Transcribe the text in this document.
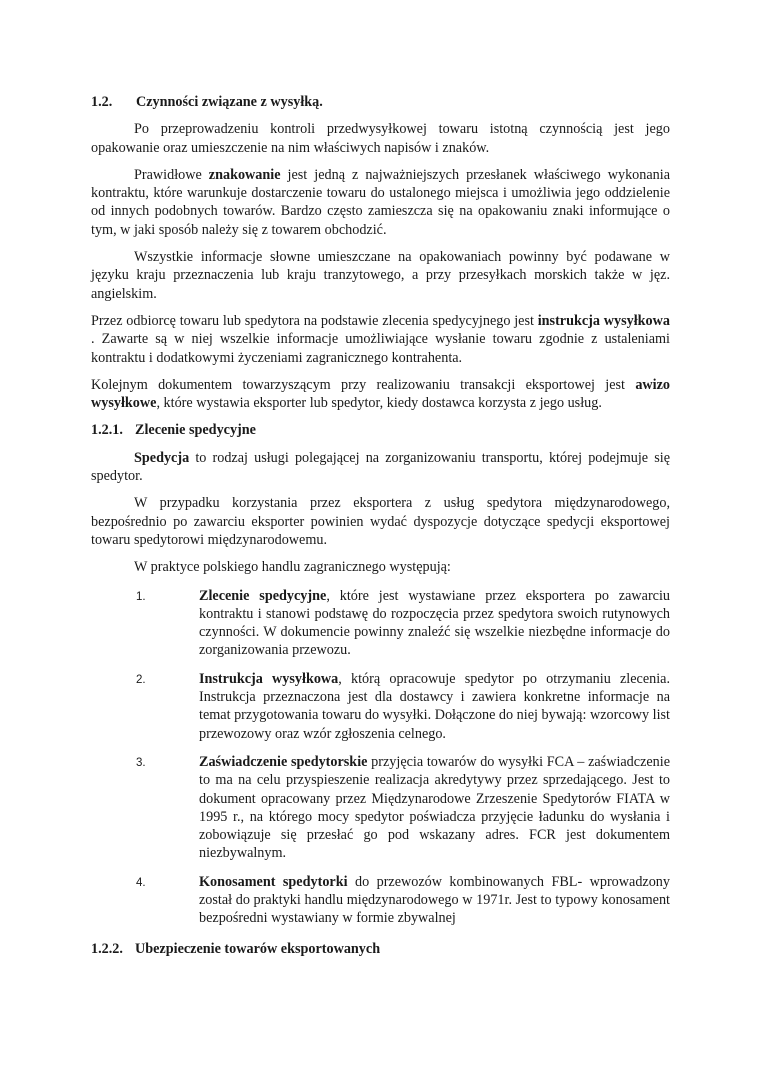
1.2. Czynności związane z wysyłką.

Po przeprowadzeniu kontroli przedwysyłkowej towaru istotną czynnością jest jego opakowanie oraz umieszczenie na nim właściwych napisów i znaków.

Prawidłowe znakowanie jest jedną z najważniejszych przesłanek właściwego wykonania kontraktu, które warunkuje dostarczenie towaru do ustalonego miejsca i umożliwia jego oddzielenie od innych podobnych towarów. Bardzo często zamieszcza się na opakowaniu znaki informujące o tym, w jaki sposób należy się z towarem obchodzić.

Wszystkie informacje słowne umieszczane na opakowaniach powinny być podawane w języku kraju przeznaczenia lub kraju tranzytowego, a przy przesyłkach morskich także w jęz. angielskim.

Przez odbiorcę towaru lub spedytora na podstawie zlecenia spedycyjnego jest instrukcja wysyłkowa . Zawarte są w niej wszelkie informacje umożliwiające wysłanie towaru zgodnie z ustaleniami kontraktu i dodatkowymi życzeniami zagranicznego kontrahenta.

Kolejnym dokumentem towarzyszącym przy realizowaniu transakcji eksportowej jest awizo wysyłkowe, które wystawia eksporter lub spedytor, kiedy dostawca korzysta z jego usług.

1.2.1. Zlecenie spedycyjne

Spedycja to rodzaj usługi polegającej na zorganizowaniu transportu, której podejmuje się spedytor.

W przypadku korzystania przez eksportera z usług spedytora międzynarodowego, bezpośrednio po zawarciu eksporter powinien wydać dyspozycje dotyczące spedycji eksportowej towaru spedytorowi międzynarodowemu.

W praktyce polskiego handlu zagranicznego występują:

1.	Zlecenie spedycyjne, które jest wystawiane przez eksportera po zawarciu kontraktu i stanowi podstawę do rozpoczęcia przez spedytora swoich rutynowych czynności. W dokumencie powinny znaleźć się wszelkie niezbędne informacje do zorganizowania przewozu.

2.	Instrukcja wysyłkowa, którą opracowuje spedytor po otrzymaniu zlecenia. Instrukcja przeznaczona jest dla dostawcy i zawiera konkretne informacje na temat przygotowania towaru do wysyłki. Dołączone do niej bywają: wzorcowy list przewozowy oraz wzór zgłoszenia celnego.

3.	Zaświadczenie spedytorskie przyjęcia towarów do wysyłki FCA – zaświadczenie to ma na celu przyspieszenie realizacja akredytywy przez sprzedającego. Jest to dokument opracowany przez Międzynarodowe Zrzeszenie Spedytorów FIATA w 1995 r., na którego mocy spedytor poświadcza przyjęcie ładunku do wysłania i zobowiązuje się przesłać go pod wskazany adres. FCR jest dokumentem niezbywalnym.

4.	Konosament spedytorki do przewozów kombinowanych FBL- wprowadzony został do praktyki handlu międzynarodowego w 1971r. Jest to typowy konosament bezpośredni wystawiany w formie zbywalnej

1.2.2. Ubezpieczenie towarów eksportowanych
